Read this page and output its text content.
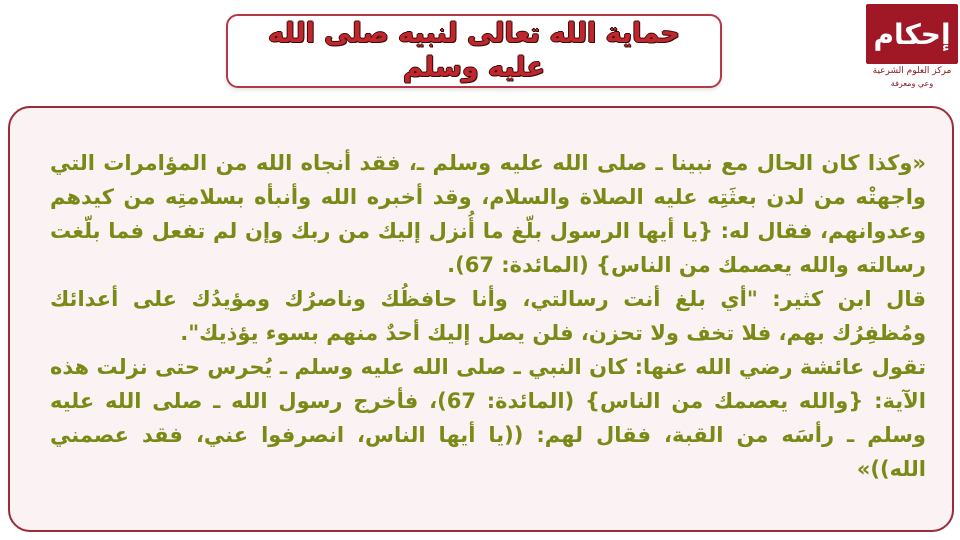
حماية الله تعالى لنبيه صلى الله عليه وسلم
إحكام
مركز العلوم الشرعية
وعي ومعرفة

«وكذا كان الحال مع نبينا ـ صلى الله عليه وسلم ـ، فقد أنجاه الله من المؤامرات التي واجهتْه من لدن بعثَتِه عليه الصلاة والسلام، وقد أخبره الله وأنبأه بسلامتِه من كيدهم وعدوانهم، فقال له: {يا أيها الرسول بلّغ ما أُنزل إليك من ربك وإن لم تفعل فما بلّغت رسالته والله يعصمك من الناس} (المائدة: 67).

قال ابن كثير: "أي بلغ أنت رسالتي، وأنا حافظُك وناصرُك ومؤيدُك على أعدائك ومُظفِرُك بهم، فلا تخف ولا تحزن، فلن يصل إليك أحدٌ منهم بسوء يؤذيك".

تقول عائشة رضي الله عنها: كان النبي ـ صلى الله عليه وسلم ـ يُحرس حتى نزلت هذه الآية: {والله يعصمك من الناس} (المائدة: 67)، فأخرج رسول الله ـ صلى الله عليه وسلم ـ رأسَه من القبة، فقال لهم: ((يا أيها الناس، انصرفوا عني، فقد عصمني الله))»
